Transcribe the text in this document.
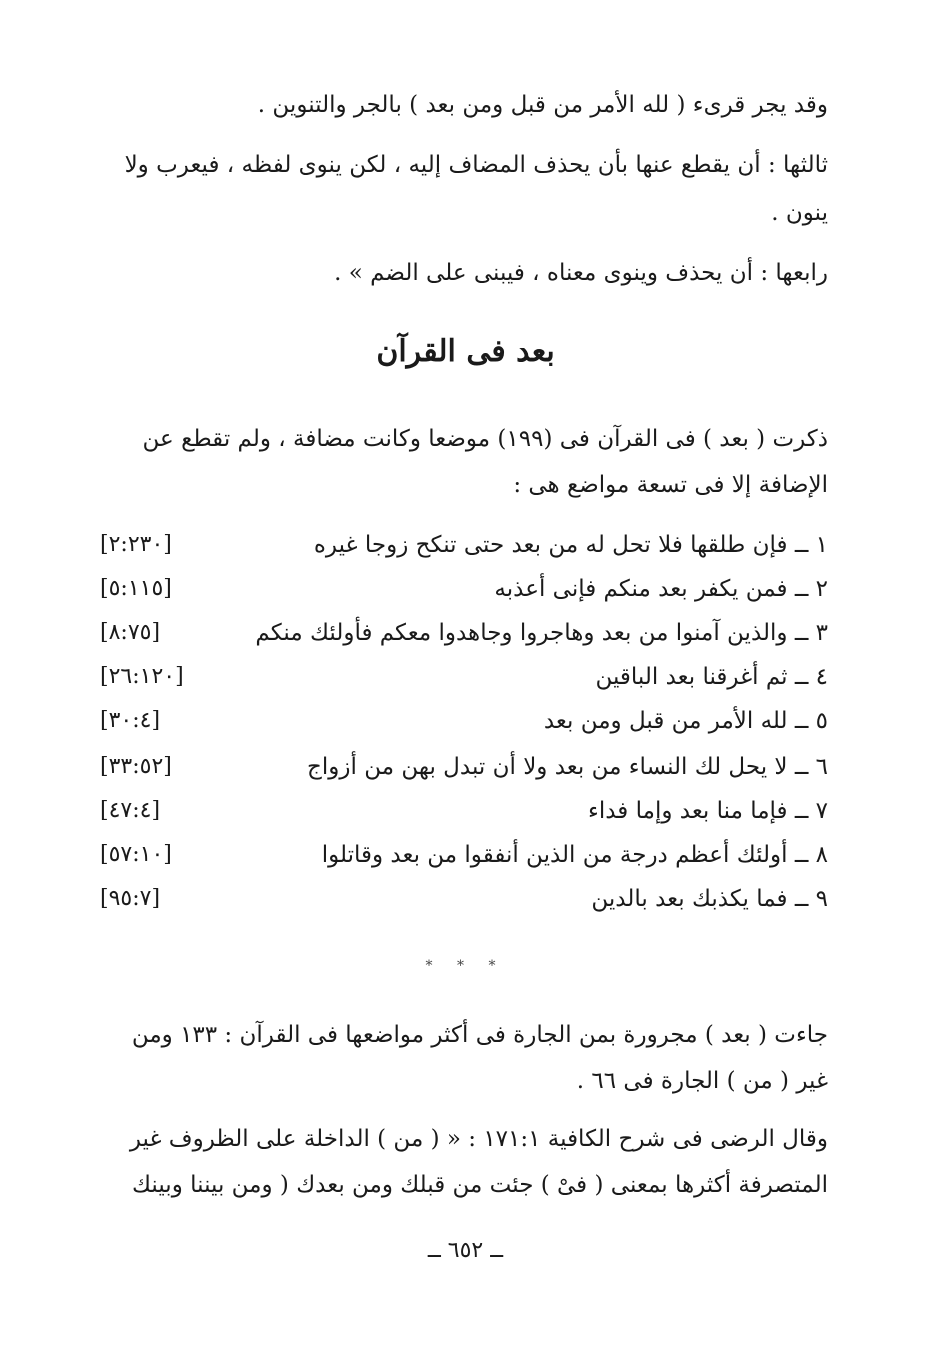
وقد يجر قرىء ( لله الأمر من قبل ومن بعد ) بالجر والتنوين .
ثالثها : أن يقطع عنها بأن يحذف المضاف إليه ، لكن ينوى لفظه ، فيعرب ولا
ينون .
رابعها : أن يحذف وينوى معناه ، فيبنى على الضم » .
بعد فى القرآن
ذكرت ( بعد ) فى القرآن فى (١٩٩) موضعا وكانت مضافة ، ولم تقطع عن
الإضافة إلا فى تسعة مواضع هى :
١ ــ فإن طلقها فلا تحل له من بعد حتى تنكح زوجا غيره
[٢:٢٣٠]
٢ ــ فمن يكفر بعد منكم فإنى أعذبه
[٥:١١٥]
٣ ــ والذين آمنوا من بعد وهاجروا وجاهدوا معكم فأولئك منكم
[٨:٧٥]
٤ ــ ثم أغرقنا بعد الباقين
[٢٦:١٢٠]
٥ ــ لله الأمر من قبل ومن بعد
[٣٠:٤]
٦ ــ لا يحل لك النساء من بعد ولا أن تبدل بهن من أزواج
[٣٣:٥٢]
٧ ــ فإما منا بعد وإما فداء
[٤٧:٤]
٨ ــ أولئك أعظم درجة من الذين أنفقوا من بعد وقاتلوا
[٥٧:١٠]
٩ ــ فما يكذبك بعد بالدين
[٩٥:٧]
* * *
جاءت ( بعد ) مجرورة بمن الجارة فى أكثر مواضعها فى القرآن : ١٣٣ ومن
غير ( من ) الجارة فى ٦٦ .
وقال الرضى فى شرح الكافية ١٧١:١ : « ( من ) الداخلة على الظروف غير
المتصرفة أكثرها بمعنى ( فىْ ) جئت من قبلك ومن بعدك ( ومن بيننا وبينك
ــ ٦٥٢ ــ
